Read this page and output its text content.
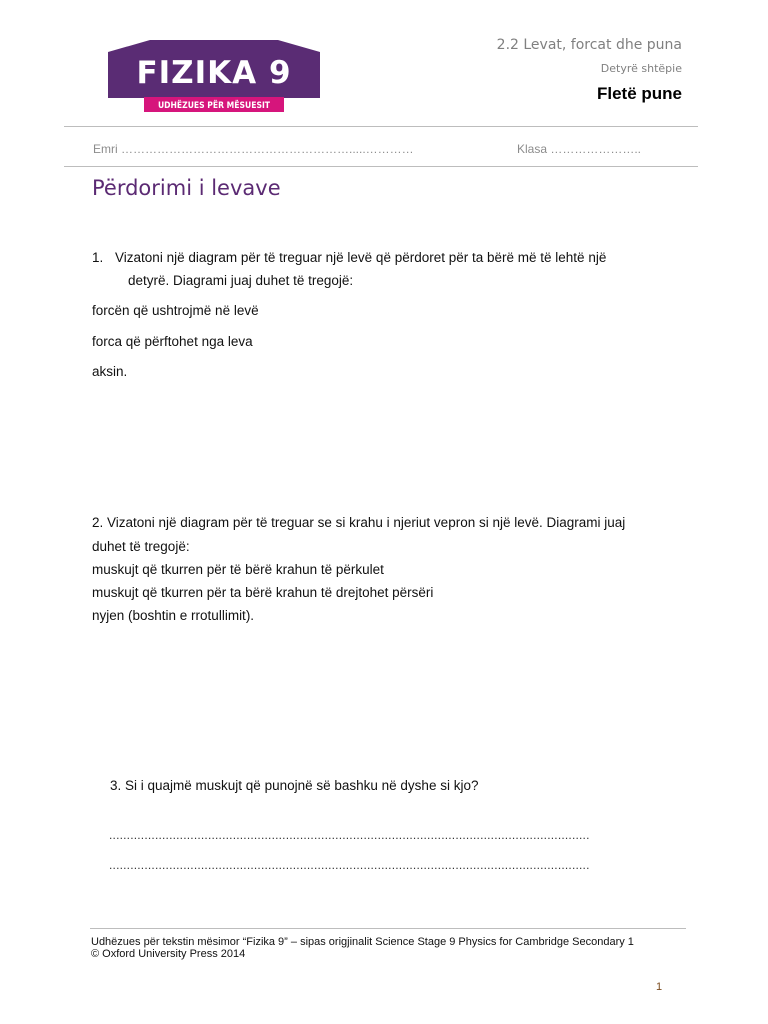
FIZIKA 9
UDHËZUES PËR MËSUESIT
2.2 Levat, forcat dhe puna
Detyrë shtëpie
Fletë pune
Emri ………………………………………………….....…………	Klasa …………………..
Përdorimi i levave
1. Vizatoni një diagram për të treguar një levë që përdoret për ta bërë më të lehtë një
detyrë. Diagrami juaj duhet të tregojë:
forcën që ushtrojmë në levë
forca që përftohet nga leva
aksin.
2. Vizatoni një diagram për të treguar se si krahu i njeriut vepron si një levë. Diagrami juaj
duhet të tregojë:
muskujt që tkurren për të bërë krahun të përkulet
muskujt që tkurren për ta bërë krahun të drejtohet përsëri
nyjen (boshtin e rrotullimit).
3. Si i quajmë muskujt që punojnë së bashku në dyshe si kjo?
........................................................................................................................................
........................................................................................................................................
Udhëzues për tekstin mësimor “Fizika 9” – sipas origjinalit Science Stage 9 Physics for Cambridge Secondary 1
© Oxford University Press 2014
1
